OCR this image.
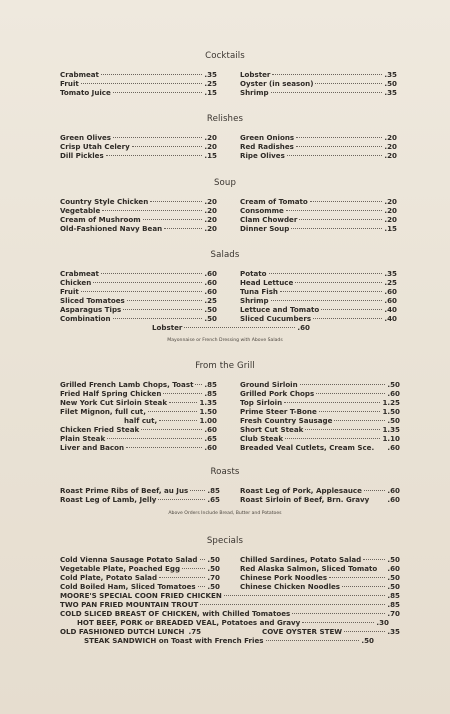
Cocktails
Crabmeat	.35
Fruit	.25
Tomato Juice	.15
Lobster	.35
Oyster (in season)	.50
Shrimp	.35
Relishes
Green Olives	.20
Crisp Utah Celery	.20
Dill Pickles	.15
Green Onions	.20
Red Radishes	.20
Ripe Olives	.20
Soup
Country Style Chicken	.20
Vegetable	.20
Cream of Mushroom	.20
Old-Fashioned Navy Bean	.20
Cream of Tomato	.20
Consomme	.20
Clam Chowder	.20
Dinner Soup	.15
Salads
Crabmeat	.60
Chicken	.60
Fruit	.60
Sliced Tomatoes	.25
Asparagus Tips	.50
Combination	.50
Potato	.35
Head Lettuce	.25
Tuna Fish	.60
Shrimp	.60
Lettuce and Tomato	.40
Sliced Cucumbers	.40
Lobster	.60
Mayonnaise or French Dressing with Above Salads
From the Grill
Grilled French Lamb Chops, Toast .85
Fried Half Spring Chicken	.85
New York Cut Sirloin Steak	1.35
Filet Mignon, full cut,	1.50
half cut,	1.00
Chicken Fried Steak	.60
Plain Steak	.65
Liver and Bacon	.60
Ground Sirloin	.50
Grilled Pork Chops	.60
Top Sirloin	1.25
Prime Steer T-Bone	1.50
Fresh Country Sausage	.50
Short Cut Steak	1.35
Club Steak	1.10
Breaded Veal Cutlets, Cream Sce. .60
Roasts
Roast Prime Ribs of Beef, au Jus	.85
Roast Leg of Lamb, Jelly	.65
Roast Leg of Pork, Applesauce	.60
Roast Sirloin of Beef, Brn. Gravy	.60
Above Orders Include Bread, Butter and Potatoes
Specials
Cold Vienna Sausage Potato Salad .50
Vegetable Plate, Poached Egg	.50
Cold Plate, Potato Salad	.70
Cold Boiled Ham, Sliced Tomatoes .50
Chilled Sardines, Potato Salad	.50
Red Alaska Salmon, Sliced Tomato .60
Chinese Pork Noodles	.50
Chinese Chicken Noodles	.50
MOORE'S SPECIAL COON FRIED CHICKEN	.85
TWO PAN FRIED MOUNTAIN TROUT	.85
COLD SLICED BREAST OF CHICKEN, with Chilled Tomatoes	.70
HOT BEEF, PORK or BREADED VEAL, Potatoes and Gravy	.30
OLD FASHIONED DUTCH LUNCH .75	COVE OYSTER STEW	.35
STEAK SANDWICH on Toast with French Fries	.50
